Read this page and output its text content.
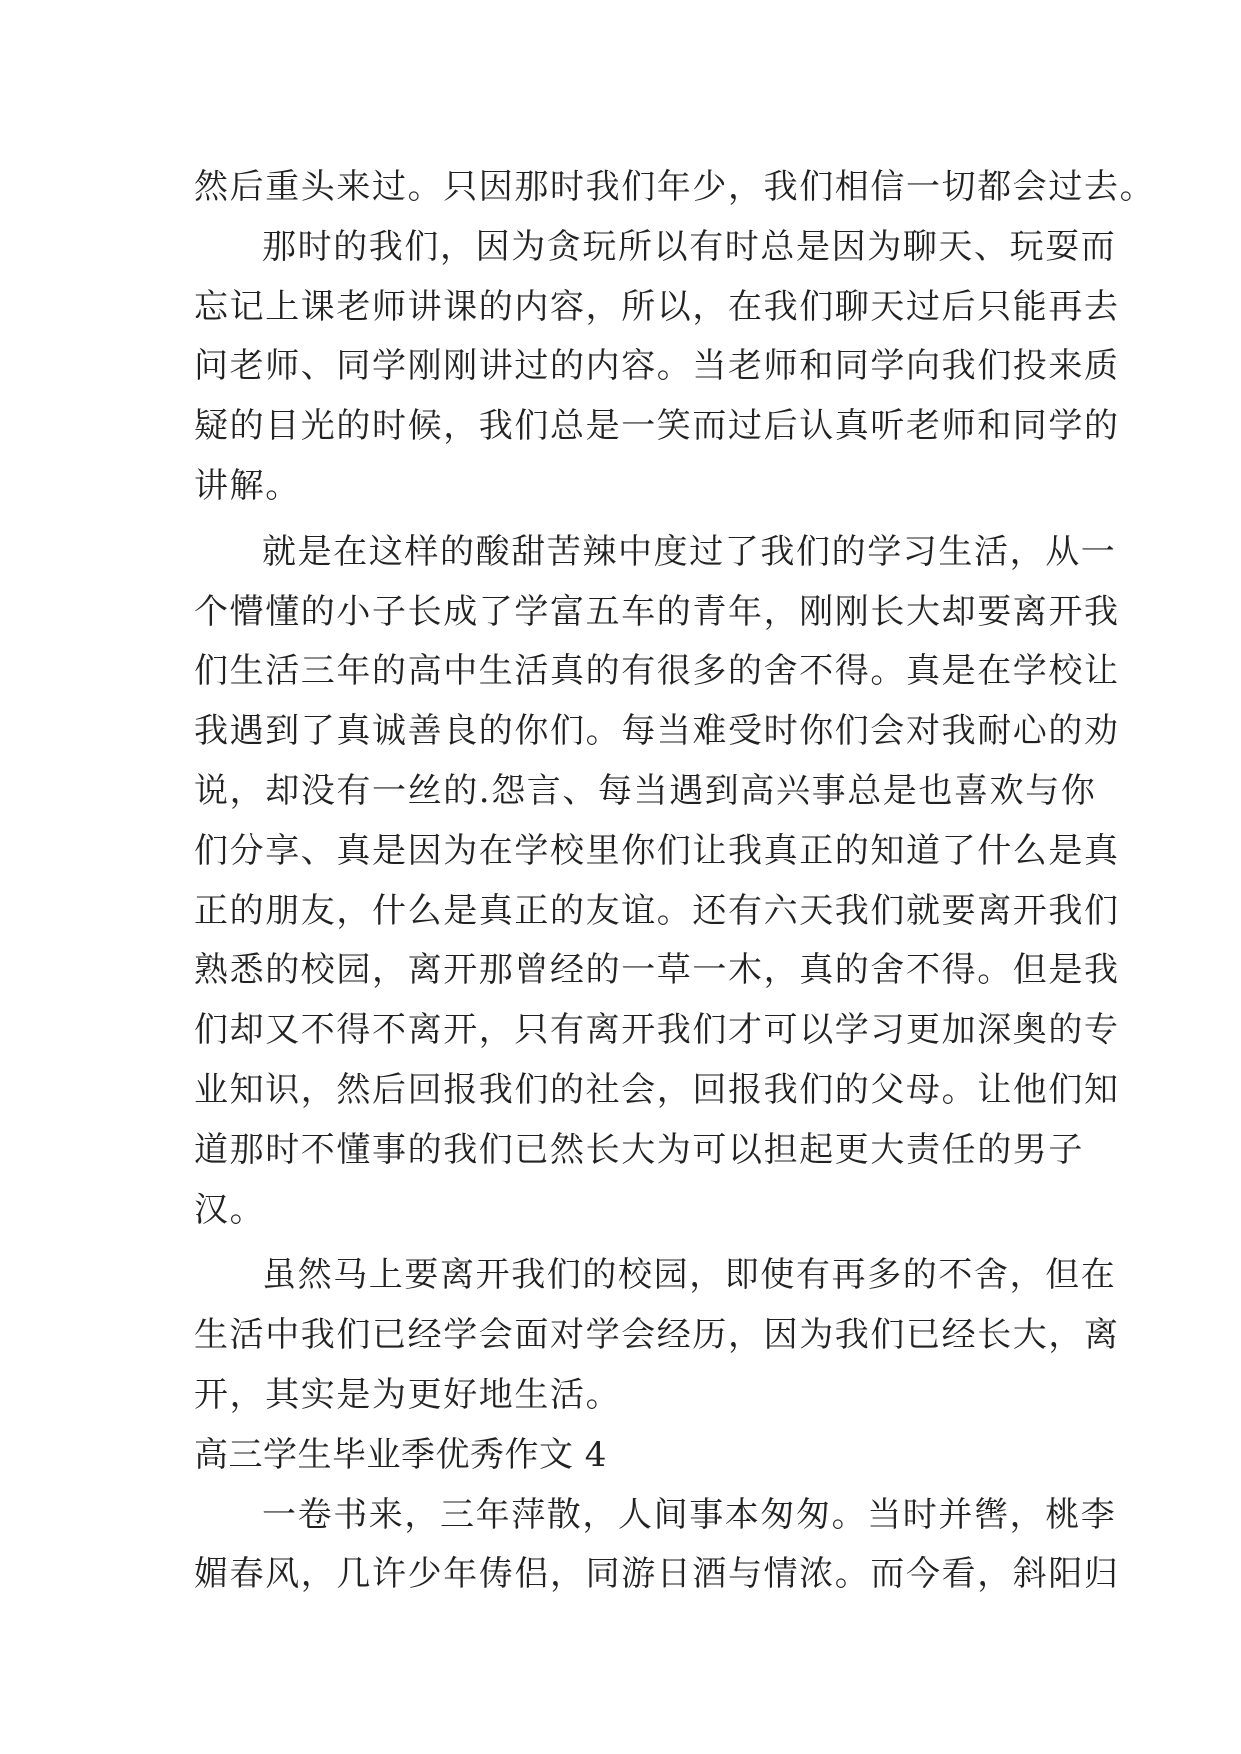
然后重头来过。只因那时我们年少，我们相信一切都会过去。
那时的我们，因为贪玩所以有时总是因为聊天、玩耍而
忘记上课老师讲课的内容，所以，在我们聊天过后只能再去
问老师、同学刚刚讲过的内容。当老师和同学向我们投来质
疑的目光的时候，我们总是一笑而过后认真听老师和同学的
讲解。
就是在这样的酸甜苦辣中度过了我们的学习生活，从一
个懵懂的小子长成了学富五车的青年，刚刚长大却要离开我
们生活三年的高中生活真的有很多的舍不得。真是在学校让
我遇到了真诚善良的你们。每当难受时你们会对我耐心的劝
说，却没有一丝的.怨言、每当遇到高兴事总是也喜欢与你
们分享、真是因为在学校里你们让我真正的知道了什么是真
正的朋友，什么是真正的友谊。还有六天我们就要离开我们
熟悉的校园，离开那曾经的一草一木，真的舍不得。但是我
们却又不得不离开，只有离开我们才可以学习更加深奥的专
业知识，然后回报我们的社会，回报我们的父母。让他们知
道那时不懂事的我们已然长大为可以担起更大责任的男子
汉。
虽然马上要离开我们的校园，即使有再多的不舍，但在
生活中我们已经学会面对学会经历，因为我们已经长大，离
开，其实是为更好地生活。
高三学生毕业季优秀作文 4
一卷书来，三年萍散，人间事本匆匆。当时并辔，桃李
媚春风，几许少年俦侣，同游日酒与情浓。而今看，斜阳归
